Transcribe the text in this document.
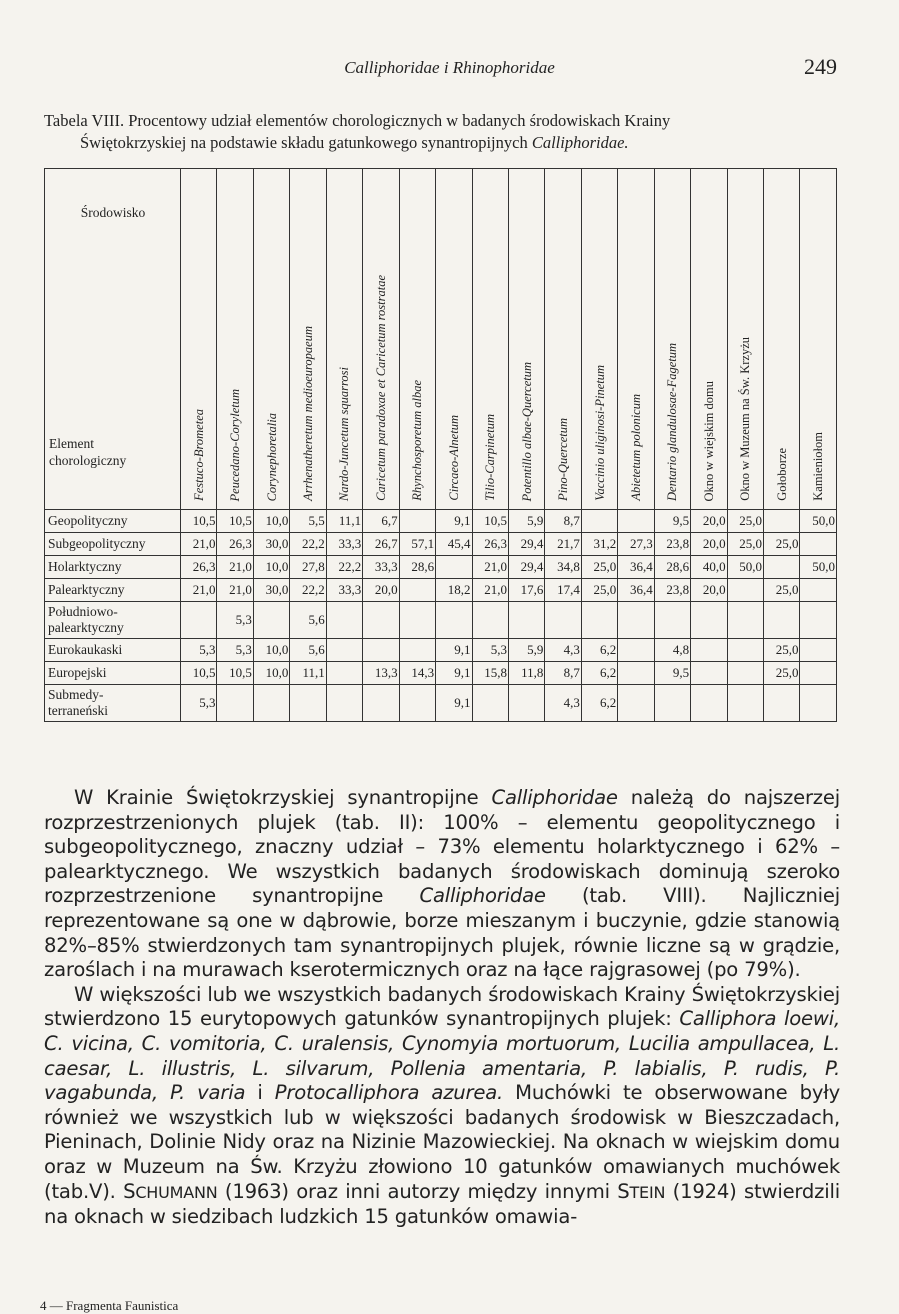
Calliphoridae i Rhinophoridae	249
Tabela VIII. Procentowy udział elementów chorologicznych w badanych środowiskach Krainy
Świętokrzyskiej na podstawie składu gatunkowego synantropijnych Calliphoridae.
Środowisko
Element
chorologiczny	Festuco-Brometea	Peucedano-Coryletum	Corynephoretalia	Arrhenatheretum medioeuropaeum	Nardo-Juncetum squarrosi	Caricetum paradoxae et Caricetum rostratae	Rhynchosporetum albae	Circaeo-Alnetum	Tilio-Carpinetum	Potentillo albae-Quercetum	Pino-Quercetum	Vaccinio uliginosi-Pinetum	Abietetum polonicum	Dentario glandulosae-Fagetum	Okno w wiejskim domu	Okno w Muzeum na Św. Krzyżu	Gołoborze	Kamieniołom

Geopolityczny	10,5	10,5	10,0	5,5	11,1	6,7		9,1	10,5	5,9	8,7			9,5	20,0	25,0		50,0
Subgeopolityczny	21,0	26,3	30,0	22,2	33,3	26,7	57,1	45,4	26,3	29,4	21,7	31,2	27,3	23,8	20,0	25,0	25,0	
Holarktyczny	26,3	21,0	10,0	27,8	22,2	33,3	28,6		21,0	29,4	34,8	25,0	36,4	28,6	40,0	50,0		50,0
Palearktyczny	21,0	21,0	30,0	22,2	33,3	20,0		18,2	21,0	17,6	17,4	25,0	36,4	23,8	20,0		25,0	
Południowo-
palearktyczny		5,3		5,6														
Eurokaukaski	5,3	5,3	10,0	5,6				9,1	5,3	5,9	4,3	6,2		4,8			25,0	
Europejski	10,5	10,5	10,0	11,1		13,3	14,3	9,1	15,8	11,8	8,7	6,2		9,5			25,0	
Submedy-
terraneński	5,3							9,1			4,3	6,2						

W Krainie Świętokrzyskiej synantropijne Calliphoridae należą do najszerzej rozprzestrzenionych plujek (tab. II): 100% – elementu geopolitycznego i subgeopolitycznego, znaczny udział – 73% elementu holarktycznego i 62% – palearktycznego. We wszystkich badanych środowiskach dominują szeroko rozprzestrzenione synantropijne Calliphoridae (tab. VIII). Najliczniej reprezentowane są one w dąbrowie, borze mieszanym i buczynie, gdzie stanowią 82%–85% stwierdzonych tam synantropijnych plujek, równie liczne są w grądzie, zaroślach i na murawach kserotermicznych oraz na łące rajgrasowej (po 79%).

W większości lub we wszystkich badanych środowiskach Krainy Świętokrzyskiej stwierdzono 15 eurytopowych gatunków synantropijnych plujek: Calliphora loewi, C. vicina, C. vomitoria, C. uralensis, Cynomyia mortuorum, Lucilia ampullacea, L. caesar, L. illustris, L. silvarum, Pollenia amentaria, P. labialis, P. rudis, P. vagabunda, P. varia i Protocalliphora azurea. Muchówki te obserwowane były również we wszystkich lub w większości badanych środowisk w Bieszczadach, Pieninach, Dolinie Nidy oraz na Nizinie Mazowieckiej. Na oknach w wiejskim domu oraz w Muzeum na Św. Krzyżu złowiono 10 gatunków omawianych muchówek (tab.V). SCHUMANN (1963) oraz inni autorzy między innymi STEIN (1924) stwierdzili na oknach w siedzibach ludzkich 15 gatunków omawia-

4 — Fragmenta Faunistica
